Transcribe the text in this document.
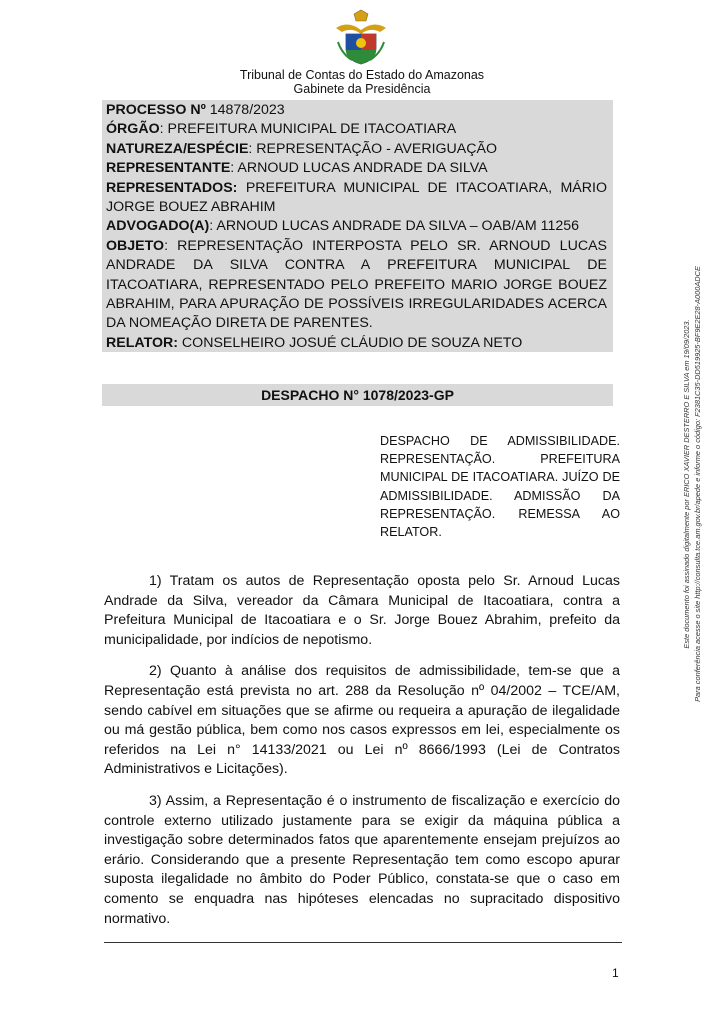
Tribunal de Contas do Estado do Amazonas
Gabinete da Presidência
PROCESSO Nº 14878/2023
ÓRGÃO: PREFEITURA MUNICIPAL DE ITACOATIARA
NATUREZA/ESPÉCIE: REPRESENTAÇÃO - AVERIGUAÇÃO
REPRESENTANTE: ARNOUD LUCAS ANDRADE DA SILVA
REPRESENTADOS: PREFEITURA MUNICIPAL DE ITACOATIARA, MÁRIO JORGE BOUEZ ABRAHIM
ADVOGADO(A): ARNOUD LUCAS ANDRADE DA SILVA – OAB/AM 11256
OBJETO: REPRESENTAÇÃO INTERPOSTA PELO SR. ARNOUD LUCAS ANDRADE DA SILVA CONTRA A PREFEITURA MUNICIPAL DE ITACOATIARA, REPRESENTADO PELO PREFEITO MARIO JORGE BOUEZ ABRAHIM, PARA APURAÇÃO DE POSSÍVEIS IRREGULARIDADES ACERCA DA NOMEAÇÃO DIRETA DE PARENTES.
RELATOR: CONSELHEIRO JOSUÉ CLÁUDIO DE SOUZA NETO
DESPACHO N° 1078/2023-GP
DESPACHO DE ADMISSIBILIDADE. REPRESENTAÇÃO. PREFEITURA MUNICIPAL DE ITACOATIARA. JUÍZO DE ADMISSIBILIDADE. ADMISSÃO DA REPRESENTAÇÃO. REMESSA AO RELATOR.

1) Tratam os autos de Representação oposta pelo Sr. Arnoud Lucas Andrade da Silva, vereador da Câmara Municipal de Itacoatiara, contra a Prefeitura Municipal de Itacoatiara e o Sr. Jorge Bouez Abrahim, prefeito da municipalidade, por indícios de nepotismo.

2) Quanto à análise dos requisitos de admissibilidade, tem-se que a Representação está prevista no art. 288 da Resolução nº 04/2002 – TCE/AM, sendo cabível em situações que se afirme ou requeira a apuração de ilegalidade ou má gestão pública, bem como nos casos expressos em lei, especialmente os referidos na Lei n° 14133/2021 ou Lei nº 8666/1993 (Lei de Contratos Administrativos e Licitações).

3) Assim, a Representação é o instrumento de fiscalização e exercício do controle externo utilizado justamente para se exigir da máquina pública a investigação sobre determinados fatos que aparentemente ensejam prejuízos ao erário. Considerando que a presente Representação tem como escopo apurar suposta ilegalidade no âmbito do Poder Público, constata-se que o caso em comento se enquadra nas hipóteses elencadas no supracitado dispositivo normativo.

1
Este documento foi assinado digitalmente por ERICO XAVIER DESTERRO E SILVA em 19/09/2023. Para conferência acesse o site http://consulta.tce.am.gov.br/apede e informe o código: F2381C35-DD519925-BF9E2E28-A000ADCE
